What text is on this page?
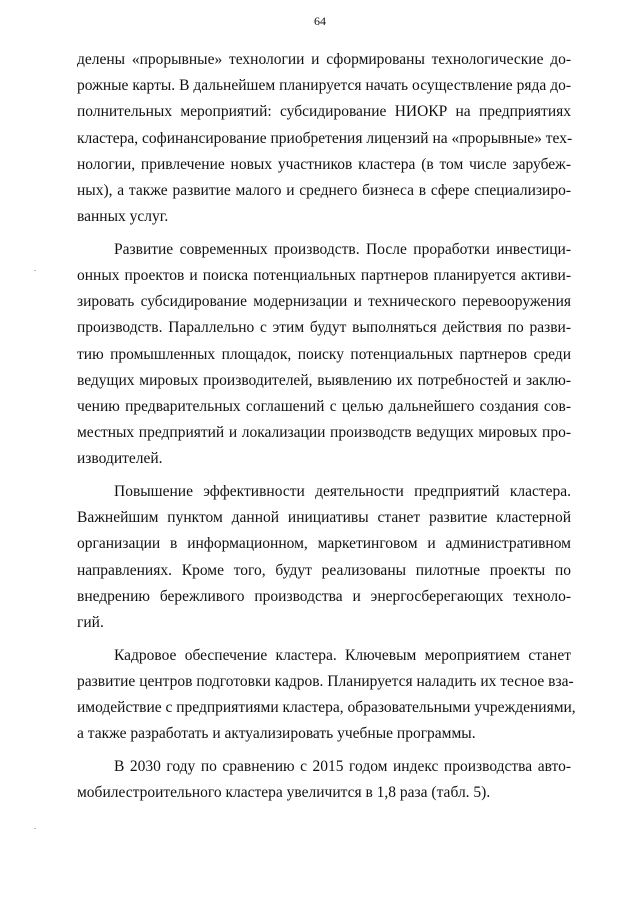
64
делены «прорывные» технологии и сформированы технологические до-
рожные карты. В дальнейшем планируется начать осуществление ряда до-
полнительных мероприятий: субсидирование НИОКР на предприятиях
кластера, софинансирование приобретения лицензий на «прорывные» тех-
нологии, привлечение новых участников кластера (в том числе зарубеж-
ных), а также развитие малого и среднего бизнеса в сфере специализиро-
ванных услуг.
Развитие современных производств. После проработки инвестици-
онных проектов и поиска потенциальных партнеров планируется активи-
зировать субсидирование модернизации и технического перевооружения
производств. Параллельно с этим будут выполняться действия по разви-
тию промышленных площадок, поиску потенциальных партнеров среди
ведущих мировых производителей, выявлению их потребностей и заклю-
чению предварительных соглашений с целью дальнейшего создания сов-
местных предприятий и локализации производств ведущих мировых про-
изводителей.
Повышение эффективности деятельности предприятий кластера.
Важнейшим пунктом данной инициативы станет развитие кластерной
организации в информационном, маркетинговом и административном
направлениях. Кроме того, будут реализованы пилотные проекты по
внедрению бережливого производства и энергосберегающих техноло-
гий.
Кадровое обеспечение кластера. Ключевым мероприятием станет
развитие центров подготовки кадров. Планируется наладить их тесное вза-
имодействие с предприятиями кластера, образовательными учреждениями,
а также разработать и актуализировать учебные программы.
В 2030 году по сравнению с 2015 годом индекс производства авто-
мобилестроительного кластера увеличится в 1,8 раза (табл. 5).
